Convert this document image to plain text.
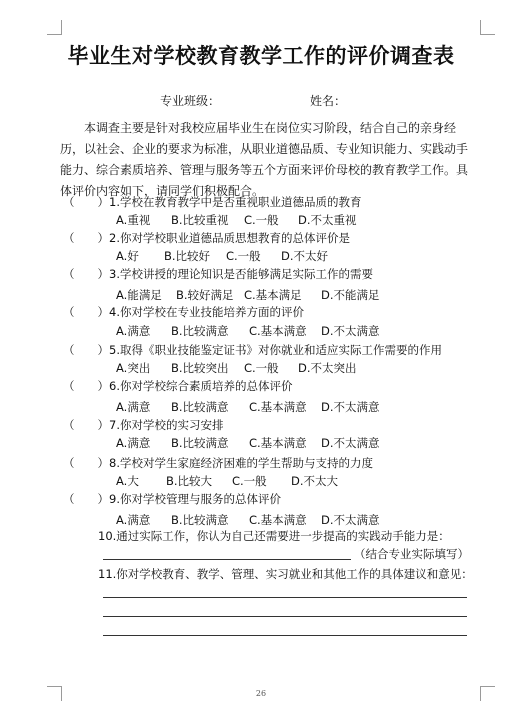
毕业生对学校教育教学工作的评价调查表
专业班级：	姓名：

本调查主要是针对我校应届毕业生在岗位实习阶段，结合自己的亲身经历，以社会、企业的要求为标准，从职业道德品质、专业知识能力、实践动手能力、综合素质培养、管理与服务等五个方面来评价母校的教育教学工作。具体评价内容如下，请同学们积极配合。

（　　）1.学校在教育教学中是否重视职业道德品质的教育
A.重视 B.比较重视 C.一般 D.不太重视
（　　）2.你对学校职业道德品质思想教育的总体评价是
A.好 B.比较好 C.一般 D.不太好
（　　）3.学校讲授的理论知识是否能够满足实际工作的需要
A.能满足 B.较好满足 C.基本满足 D.不能满足
（　　）4.你对学校在专业技能培养方面的评价
A.满意 B.比较满意 C.基本满意 D.不太满意
（　　）5.取得《职业技能鉴定证书》对你就业和适应实际工作需要的作用
A.突出 B.比较突出 C.一般 D.不太突出
（　　）6.你对学校综合素质培养的总体评价
A.满意 B.比较满意 C.基本满意 D.不太满意
（　　）7.你对学校的实习安排
A.满意 B.比较满意 C.基本满意 D.不太满意
（　　）8.学校对学生家庭经济困难的学生帮助与支持的力度
A.大 B.比较大 C.一般 D.不太大
（　　）9.你对学校管理与服务的总体评价
A.满意 B.比较满意 C.基本满意 D.不太满意
10.通过实际工作，你认为自己还需要进一步提高的实践动手能力是：
（结合专业实际填写）
11.你对学校教育、教学、管理、实习就业和其他工作的具体建议和意见：
26
